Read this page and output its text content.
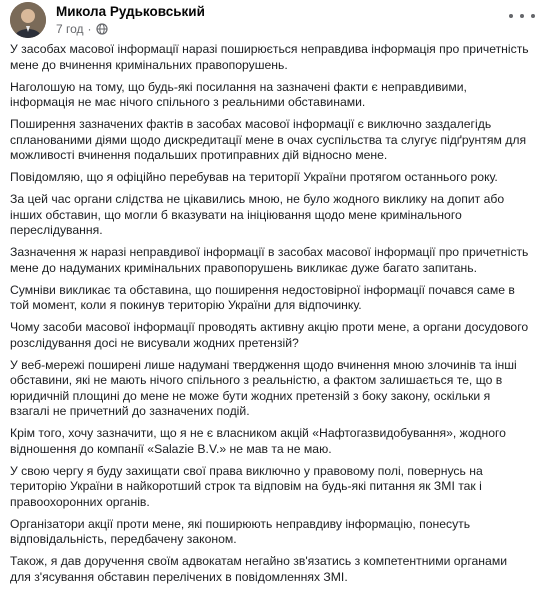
Микола Рудьковський
7 год ·

У засобах масової інформації наразі поширюється неправдива інформація про причетність мене до вчинення кримінальних правопорушень.

Наголошую на тому, що будь-які посилання на зазначені факти є неправдивими, інформація не має нічого спільного з реальними обставинами.

Поширення зазначених фактів в засобах масової інформації є виключно заздалегідь спланованими діями щодо дискредитації мене в очах суспільства та слугує підґрунтям для можливості вчинення подальших протиправних дій відносно мене.

Повідомляю, що я офіційно перебував на території України протягом останнього року.

За цей час органи слідства не цікавились мною, не було жодного виклику на допит або інших обставин, що могли б вказувати на ініціювання щодо мене кримінального переслідування.

Зазначення ж наразі неправдивої інформації в засобах масової інформації про причетність мене до надуманих кримінальних правопорушень викликає дуже багато запитань.

Сумніви викликає та обставина, що поширення недостовірної інформації почався саме в той момент, коли я покинув територію України для відпочинку.

Чому засоби масової інформації проводять активну акцію проти мене, а органи досудового розслідування досі не висували жодних претензій?

У веб-мережі поширені лише надумані твердження щодо вчинення мною злочинів та інші обставини, які не мають нічого спільного з реальністю, а фактом залишається те, що в юридичній площині до мене не може бути жодних претензій з боку закону, оскільки я взагалі не причетний до зазначених подій.

Крім того, хочу зазначити, що я не є власником акцій «Нафтогазвидобування», жодного відношення до компанії «Salazie B.V.» не мав та не маю.

У свою чергу я буду захищати свої права виключно у правовому полі, повернусь на територію України в найкоротший строк та відповім на будь-які питання як ЗМІ так і правоохоронних органів.

Організатори акції проти мене, які поширюють неправдиву інформацію, понесуть відповідальність, передбачену законом.

Також, я дав доручення своїм адвокатам негайно зв'язатись з компетентними органами для з'ясування обставин перелічених в повідомленнях ЗМІ.
